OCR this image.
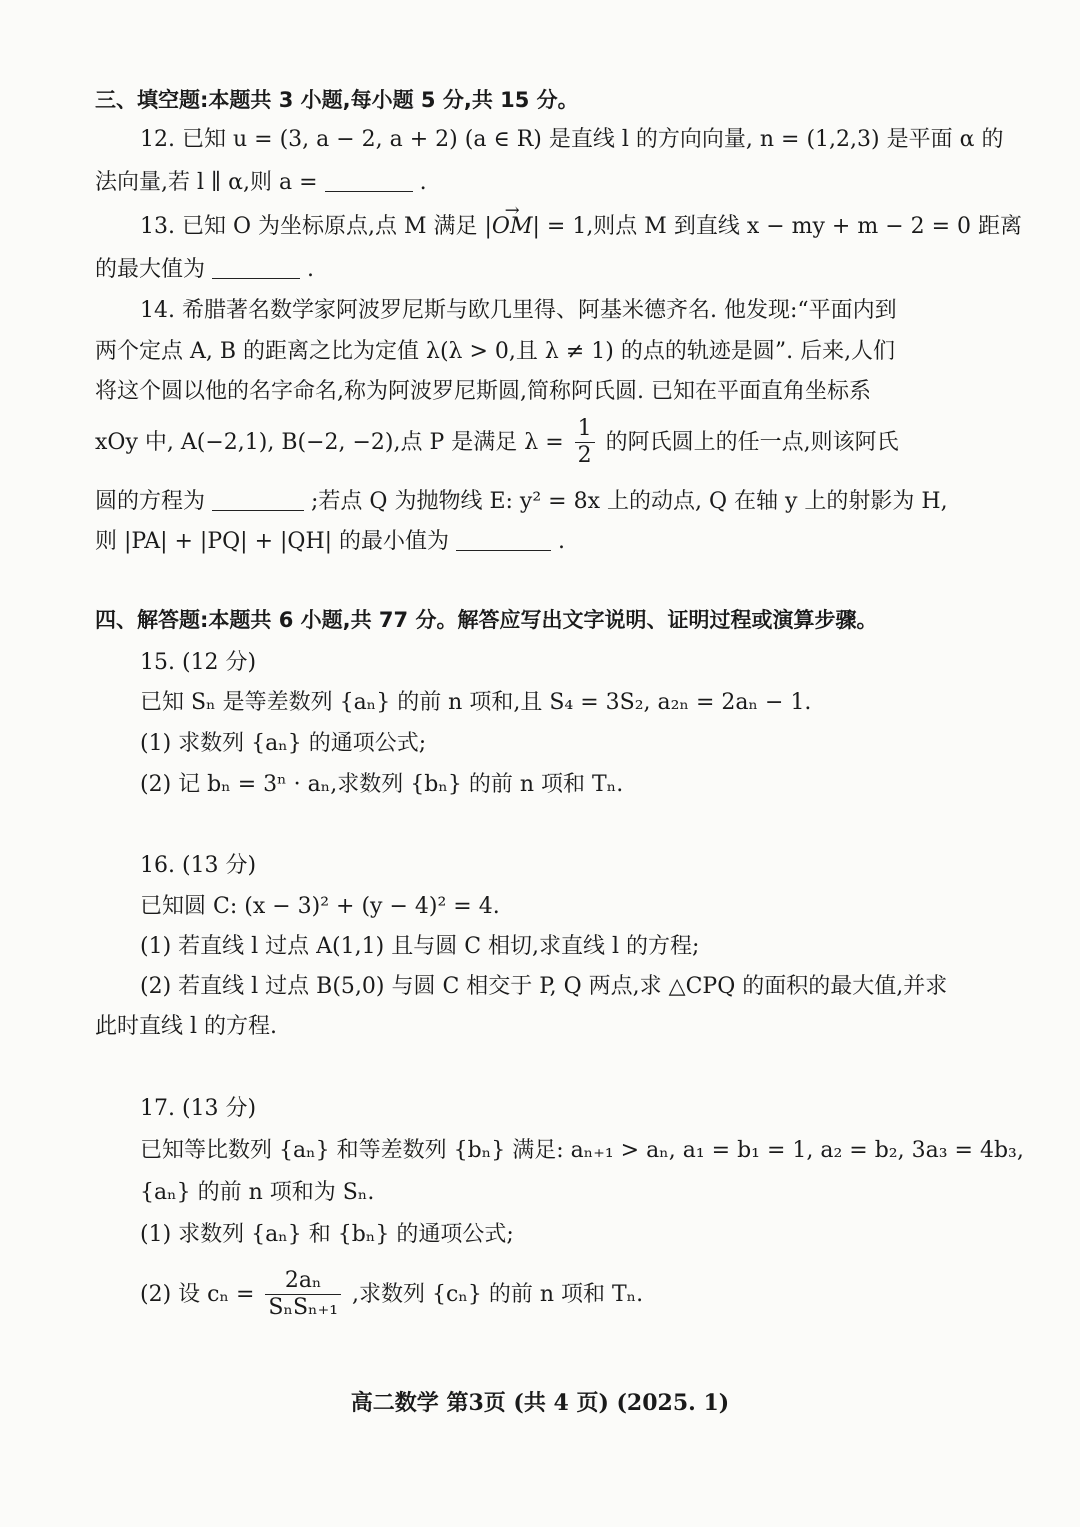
三、填空题:本题共 3 小题,每小题 5 分,共 15 分。
12. 已知 u = (3, a − 2, a + 2) (a ∈ R) 是直线 l 的方向向量, n = (1,2,3) 是平面 α 的
法向量,若 l ∥ α,则 a =	.
13. 已知 O 为坐标原点,点 M 满足 |→ OM| = 1,则点 M 到直线 x − my + m − 2 = 0 距离
的最大值为	.
14. 希腊著名数学家阿波罗尼斯与欧几里得、阿基米德齐名. 他发现:“平面内到
两个定点 A, B 的距离之比为定值 λ(λ > 0,且 λ ≠ 1) 的点的轨迹是圆”. 后来,人们
将这个圆以他的名字命名,称为阿波罗尼斯圆,简称阿氏圆. 已知在平面直角坐标系
xOy 中, A(−2,1), B(−2, −2),点 P 是满足 $\lambda = \frac{1}{2}$ 的阿氏圆上的任一点,则该阿氏
圆的方程为	;若点 Q 为抛物线 E: y² = 8x 上的动点, Q 在轴 y 上的射影为 H,
则 |PA| + |PQ| + |QH| 的最小值为	.
四、解答题:本题共 6 小题,共 77 分。解答应写出文字说明、证明过程或演算步骤。
15. (12 分)
已知 Sₙ 是等差数列 {aₙ} 的前 n 项和,且 S₄ = 3S₂, a₂ₙ = 2aₙ − 1.
(1) 求数列 {aₙ} 的通项公式;
(2) 记 bₙ = 3ⁿ · aₙ,求数列 {bₙ} 的前 n 项和 Tₙ.
16. (13 分)
已知圆 C: (x − 3)² + (y − 4)² = 4.
(1) 若直线 l 过点 A(1,1) 且与圆 C 相切,求直线 l 的方程;
(2) 若直线 l 过点 B(5,0) 与圆 C 相交于 P, Q 两点,求 △CPQ 的面积的最大值,并求
此时直线 l 的方程.
17. (13 分)
已知等比数列 {aₙ} 和等差数列 {bₙ} 满足: aₙ₊₁ > aₙ, a₁ = b₁ = 1, a₂ = b₂, 3a₃ = 4b₃,
{aₙ} 的前 n 项和为 Sₙ.
(1) 求数列 {aₙ} 和 {bₙ} 的通项公式;
(2) 设 $c_n = \frac{\text{2aₙ}}{\text{SₙSₙ₊₁}}$ ,求数列 {cₙ} 的前 n 项和 Tₙ.
高二数学 第3页 (共 4 页) (2025. 1)
